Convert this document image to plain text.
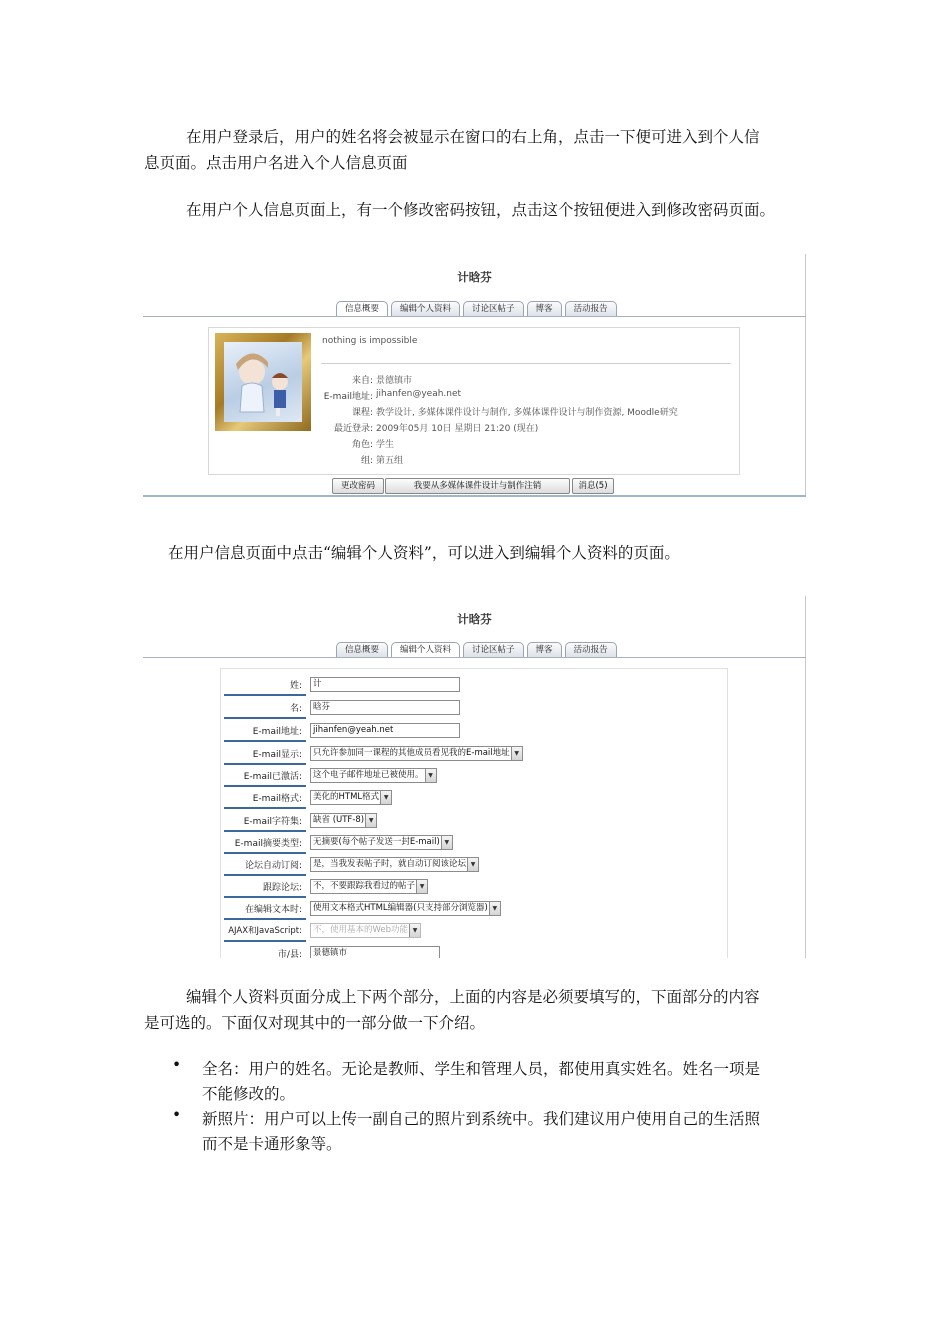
在用户登录后，用户的姓名将会被显示在窗口的右上角，点击一下便可进入到个人信

息页面。点击用户名进入个人信息页面

在用户个人信息页面上，有一个修改密码按钮，点击这个按钮便进入到修改密码页面。

计晗芬
信息概要	编辑个人资料	讨论区帖子	博客	活动报告
nothing is impossible
来自: 景德镇市
E-mail地址: jihanfen@yeah.net
课程: 教学设计, 多媒体课件设计与制作, 多媒体课件设计与制作资源, Moodle研究
最近登录: 2009年05月 10日 星期日 21:20 (现在)
角色: 学生
组: 第五组
更改密码	我要从多媒体课件设计与制作注销	消息(5)

在用户信息页面中点击“编辑个人资料”，可以进入到编辑个人资料的页面。

计晗芬
信息概要	编辑个人资料	讨论区帖子	博客	活动报告
姓:	计
名:	晗芬
E-mail地址:	jihanfen@yeah.net
E-mail显示:	只允许参加同一课程的其他成员看见我的E-mail地址 ▼
E-mail已激活:	这个电子邮件地址已被使用。 ▼
E-mail格式:	美化的HTML格式 ▼
E-mail字符集:	缺省 (UTF-8) ▼
E-mail摘要类型:	无摘要(每个帖子发送一封E-mail) ▼
论坛自动订阅:	是，当我发表帖子时，就自动订阅该论坛 ▼
跟踪论坛:	不，不要跟踪我看过的帖子 ▼
在编辑文本时:	使用文本格式HTML编辑器(只支持部分浏览器) ▼
AJAX和JavaScript:	不，使用基本的Web功能 ▼
市/县:	景德镇市

编辑个人资料页面分成上下两个部分，上面的内容是必须要填写的，下面部分的内容

是可选的。下面仅对现其中的一部分做一下介绍。

• 全名：用户的姓名。无论是教师、学生和管理人员，都使用真实姓名。姓名一项是

不能修改的。

• 新照片：用户可以上传一副自己的照片到系统中。我们建议用户使用自己的生活照

而不是卡通形象等。
